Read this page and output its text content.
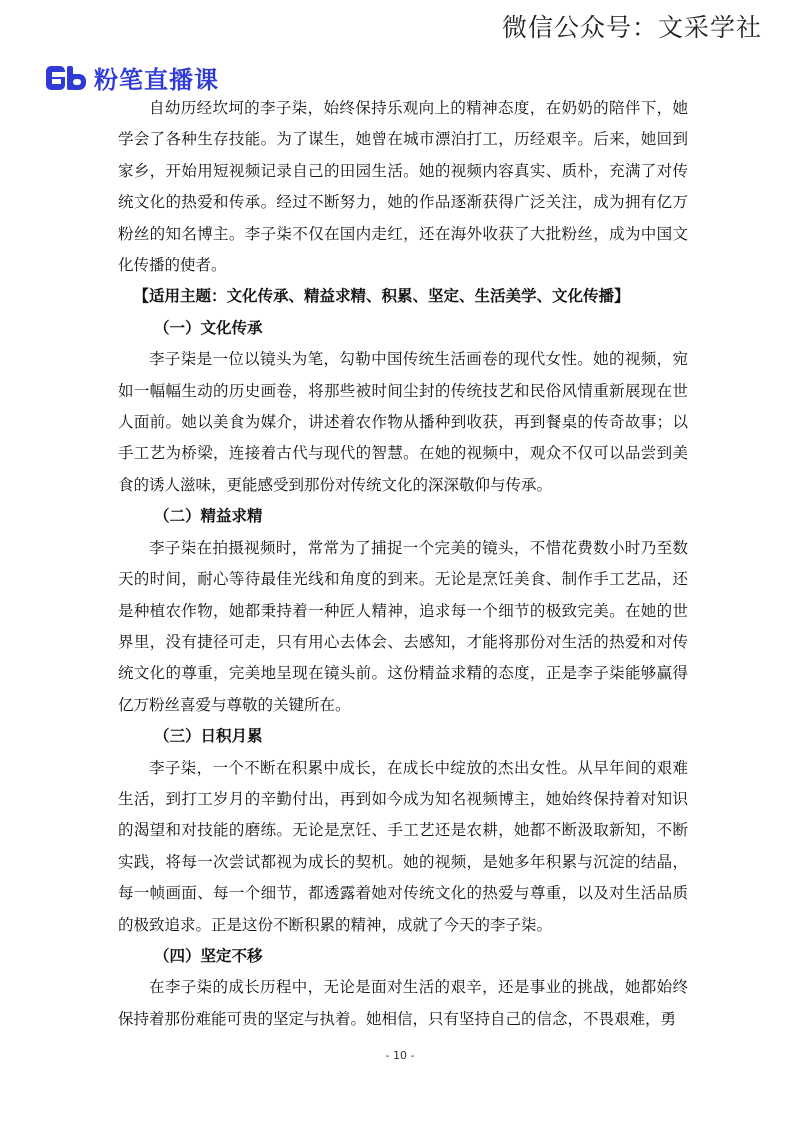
微信公众号：文采学社
粉笔直播课

自幼历经坎坷的李子柒，始终保持乐观向上的精神态度，在奶奶的陪伴下，她学会了各种生存技能。为了谋生，她曾在城市漂泊打工，历经艰辛。后来，她回到家乡，开始用短视频记录自己的田园生活。她的视频内容真实、质朴，充满了对传统文化的热爱和传承。经过不断努力，她的作品逐渐获得广泛关注，成为拥有亿万粉丝的知名博主。李子柒不仅在国内走红，还在海外收获了大批粉丝，成为中国文化传播的使者。

【适用主题：文化传承、精益求精、积累、坚定、生活美学、文化传播】

（一）文化传承

李子柒是一位以镜头为笔，勾勒中国传统生活画卷的现代女性。她的视频，宛如一幅幅生动的历史画卷，将那些被时间尘封的传统技艺和民俗风情重新展现在世人面前。她以美食为媒介，讲述着农作物从播种到收获，再到餐桌的传奇故事；以手工艺为桥梁，连接着古代与现代的智慧。在她的视频中，观众不仅可以品尝到美食的诱人滋味，更能感受到那份对传统文化的深深敬仰与传承。

（二）精益求精

李子柒在拍摄视频时，常常为了捕捉一个完美的镜头，不惜花费数小时乃至数天的时间，耐心等待最佳光线和角度的到来。无论是烹饪美食、制作手工艺品，还是种植农作物，她都秉持着一种匠人精神，追求每一个细节的极致完美。在她的世界里，没有捷径可走，只有用心去体会、去感知，才能将那份对生活的热爱和对传统文化的尊重，完美地呈现在镜头前。这份精益求精的态度，正是李子柒能够赢得亿万粉丝喜爱与尊敬的关键所在。

（三）日积月累

李子柒，一个不断在积累中成长，在成长中绽放的杰出女性。从早年间的艰难生活，到打工岁月的辛勤付出，再到如今成为知名视频博主，她始终保持着对知识的渴望和对技能的磨练。无论是烹饪、手工艺还是农耕，她都不断汲取新知，不断实践，将每一次尝试都视为成长的契机。她的视频，是她多年积累与沉淀的结晶，每一帧画面、每一个细节，都透露着她对传统文化的热爱与尊重，以及对生活品质的极致追求。正是这份不断积累的精神，成就了今天的李子柒。

（四）坚定不移

在李子柒的成长历程中，无论是面对生活的艰辛，还是事业的挑战，她都始终保持着那份难能可贵的坚定与执着。她相信，只有坚持自己的信念，不畏艰难，勇

- 10 -
